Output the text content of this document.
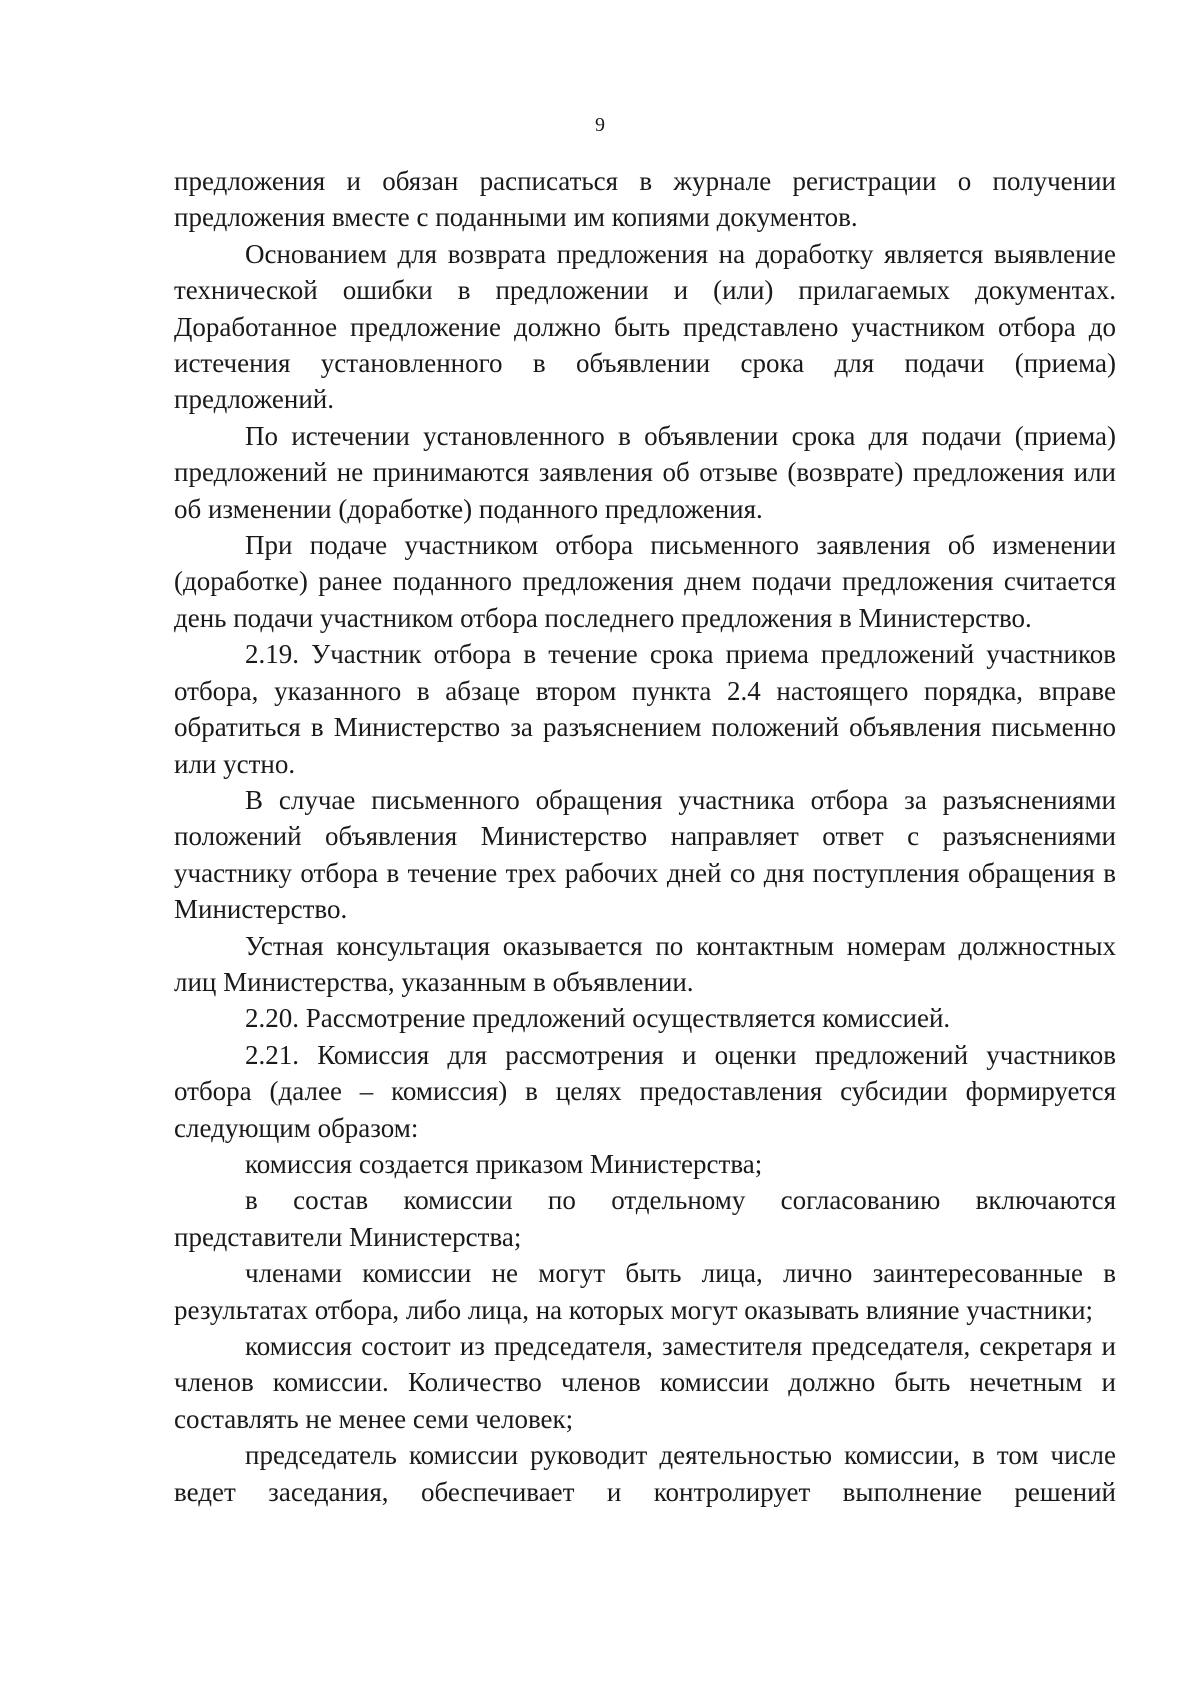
9

предложения и обязан расписаться в журнале регистрации о получении предложения вместе с поданными им копиями документов.

Основанием для возврата предложения на доработку является выявление технической ошибки в предложении и (или) прилагаемых документах. Доработанное предложение должно быть представлено участником отбора до истечения установленного в объявлении срока для подачи (приема) предложений.

По истечении установленного в объявлении срока для подачи (приема) предложений не принимаются заявления об отзыве (возврате) предложения или об изменении (доработке) поданного предложения.

При подаче участником отбора письменного заявления об изменении (доработке) ранее поданного предложения днем подачи предложения считается день подачи участником отбора последнего предложения в Министерство.

2.19. Участник отбора в течение срока приема предложений участников отбора, указанного в абзаце втором пункта 2.4 настоящего порядка, вправе обратиться в Министерство за разъяснением положений объявления письменно или устно.

В случае письменного обращения участника отбора за разъяснениями положений объявления Министерство направляет ответ с разъяснениями участнику отбора в течение трех рабочих дней со дня поступления обращения в Министерство.

Устная консультация оказывается по контактным номерам должностных лиц Министерства, указанным в объявлении.

2.20. Рассмотрение предложений осуществляется комиссией.

2.21. Комиссия для рассмотрения и оценки предложений участников отбора (далее – комиссия) в целях предоставления субсидии формируется следующим образом:

комиссия создается приказом Министерства;

в состав комиссии по отдельному согласованию включаются представители Министерства;

членами комиссии не могут быть лица, лично заинтересованные в результатах отбора, либо лица, на которых могут оказывать влияние участники;

комиссия состоит из председателя, заместителя председателя, секретаря и членов комиссии. Количество членов комиссии должно быть нечетным и составлять не менее семи человек;

председатель комиссии руководит деятельностью комиссии, в том числе ведет заседания, обеспечивает и контролирует выполнение решений
